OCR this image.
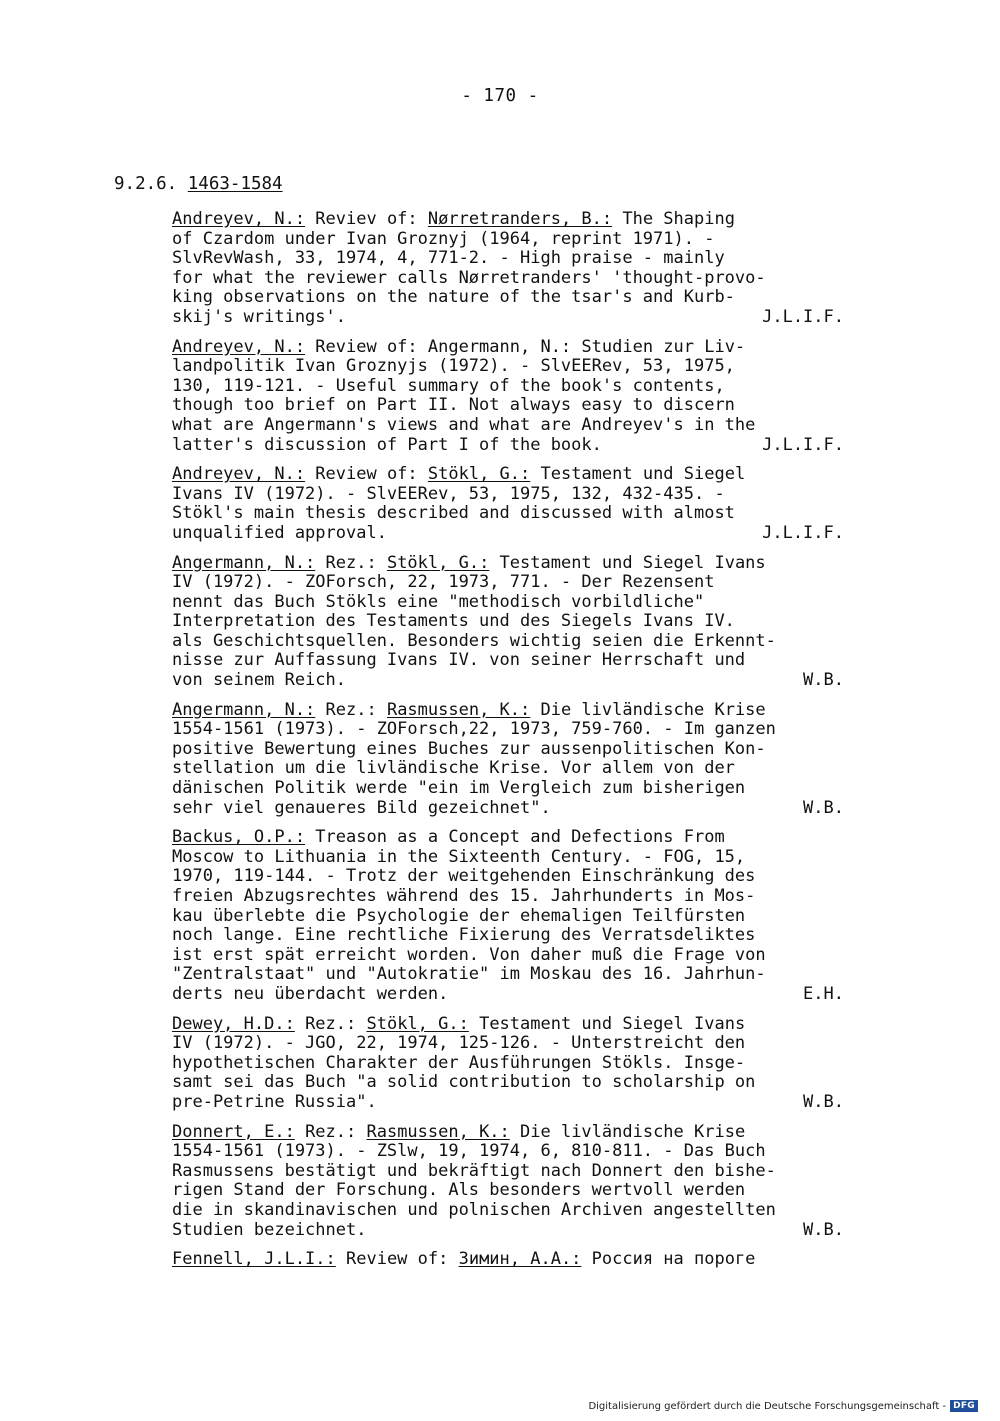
- 170 -
9.2.6. 1463-1584
Andreyev, N.: Reviev of: Nørretranders, B.: The Shaping
of Czardom under Ivan Groznyj (1964, reprint 1971). -
SlvRevWash, 33, 1974, 4, 771-2. - High praise - mainly
for what the reviewer calls Nørretranders' 'thought-provo-
king observations on the nature of the tsar's and Kurb-
skij's writings'.	J.L.I.F.
Andreyev, N.: Review of: Angermann, N.: Studien zur Liv-
landpolitik Ivan Groznyjs (1972). - SlvEERev, 53, 1975,
130, 119-121. - Useful summary of the book's contents,
though too brief on Part II. Not always easy to discern
what are Angermann's views and what are Andreyev's in the
latter's discussion of Part I of the book.	J.L.I.F.
Andreyev, N.: Review of: Stökl, G.: Testament und Siegel
Ivans IV (1972). - SlvEERev, 53, 1975, 132, 432-435. -
Stökl's main thesis described and discussed with almost
unqualified approval.	J.L.I.F.
Angermann, N.: Rez.: Stökl, G.: Testament und Siegel Ivans
IV (1972). - ZOForsch, 22, 1973, 771. - Der Rezensent
nennt das Buch Stökls eine "methodisch vorbildliche"
Interpretation des Testaments und des Siegels Ivans IV.
als Geschichtsquellen. Besonders wichtig seien die Erkennt-
nisse zur Auffassung Ivans IV. von seiner Herrschaft und
von seinem Reich.	W.B.
Angermann, N.: Rez.: Rasmussen, K.: Die livländische Krise
1554-1561 (1973). - ZOForsch,22, 1973, 759-760. - Im ganzen
positive Bewertung eines Buches zur aussenpolitischen Kon-
stellation um die livländische Krise. Vor allem von der
dänischen Politik werde "ein im Vergleich zum bisherigen
sehr viel genaueres Bild gezeichnet".	W.B.
Backus, O.P.: Treason as a Concept and Defections From
Moscow to Lithuania in the Sixteenth Century. - FOG, 15,
1970, 119-144. - Trotz der weitgehenden Einschränkung des
freien Abzugsrechtes während des 15. Jahrhunderts in Mos-
kau überlebte die Psychologie der ehemaligen Teilfürsten
noch lange. Eine rechtliche Fixierung des Verratsdeliktes
ist erst spät erreicht worden. Von daher muß die Frage von
"Zentralstaat" und "Autokratie" im Moskau des 16. Jahrhun-
derts neu überdacht werden.	E.H.
Dewey, H.D.: Rez.: Stökl, G.: Testament und Siegel Ivans
IV (1972). - JGO, 22, 1974, 125-126. - Unterstreicht den
hypothetischen Charakter der Ausführungen Stökls. Insge-
samt sei das Buch "a solid contribution to scholarship on
pre-Petrine Russia".	W.B.
Donnert, E.: Rez.: Rasmussen, K.: Die livländische Krise
1554-1561 (1973). - ZSlw, 19, 1974, 6, 810-811. - Das Buch
Rasmussens bestätigt und bekräftigt nach Donnert den bishe-
rigen Stand der Forschung. Als besonders wertvoll werden
die in skandinavischen und polnischen Archiven angestellten
Studien bezeichnet.	W.B.
Fennell, J.L.I.: Review of: Зимин, А.А.: Россия на пороге
Digitalisierung gefördert durch die Deutsche Forschungsgemeinschaft - DFG
